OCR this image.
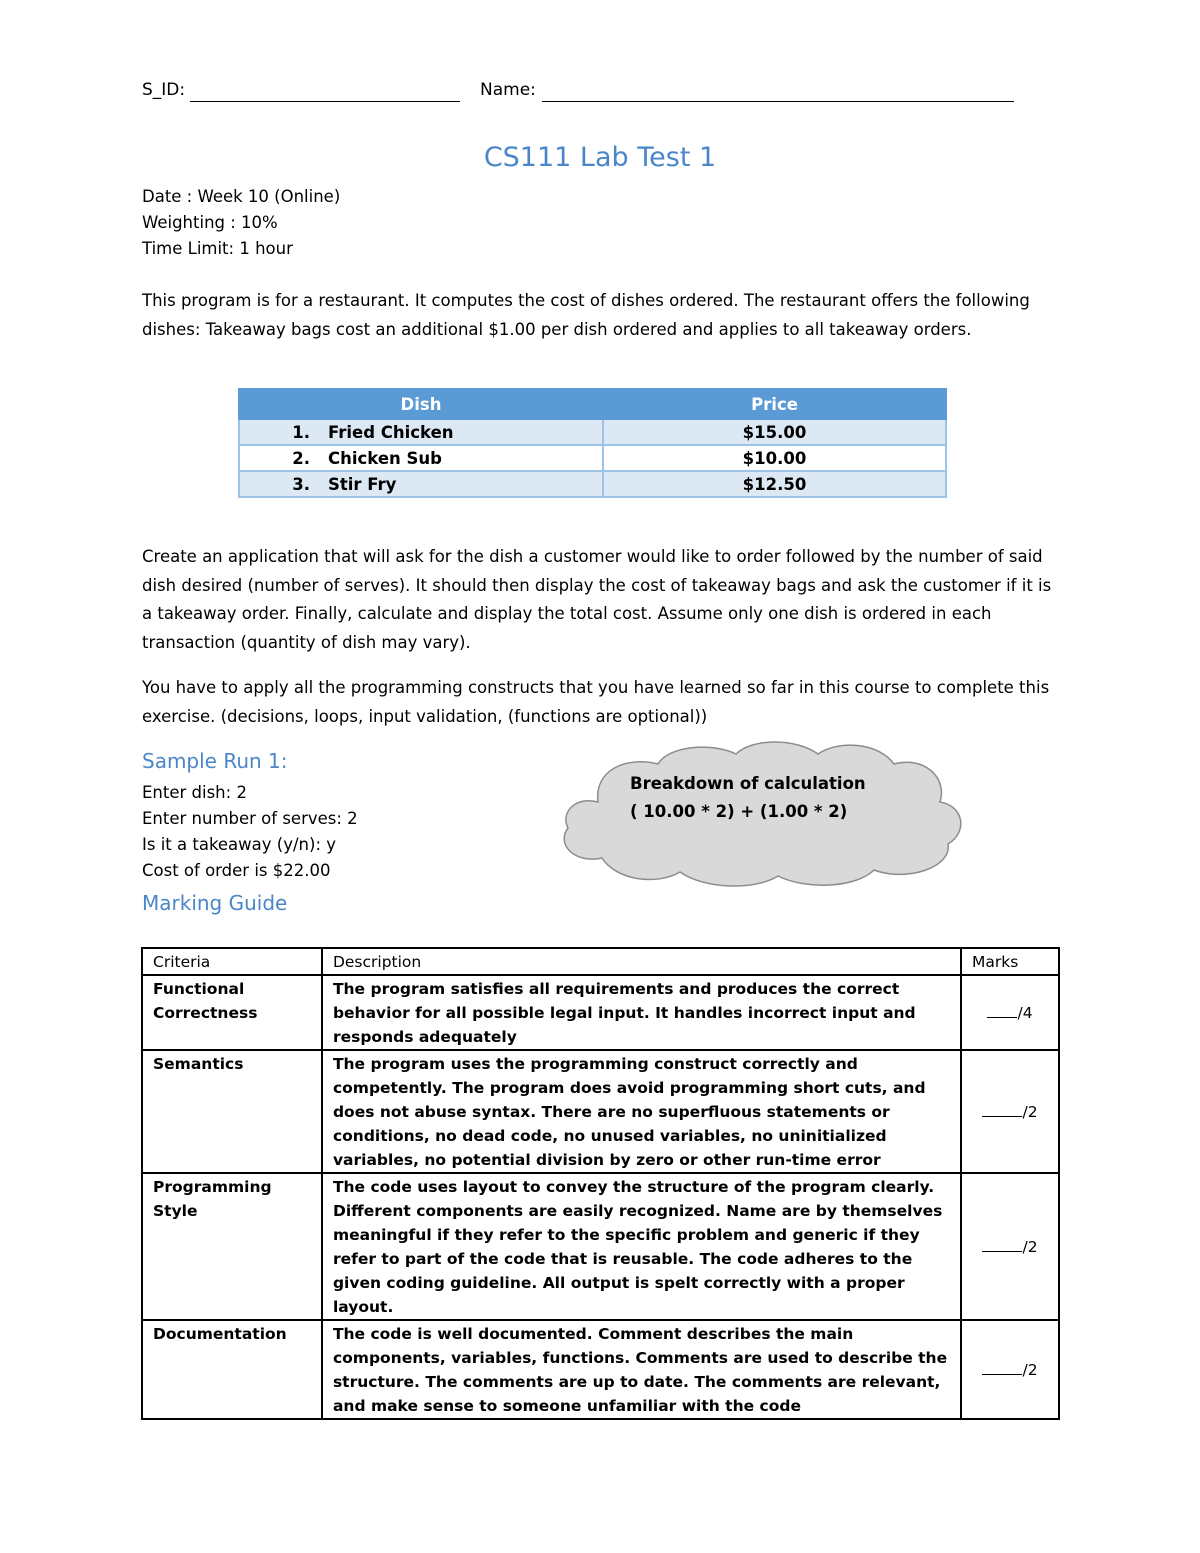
S_ID:	Name:
CS111 Lab Test 1
Date : Week 10 (Online)
Weighting : 10%
Time Limit: 1 hour

This program is for a restaurant. It computes the cost of dishes ordered. The restaurant offers the following dishes: Takeaway bags cost an additional $1.00 per dish ordered and applies to all takeaway orders.

Dish	Price
1. Fried Chicken	$15.00
2. Chicken Sub	$10.00
3. Stir Fry	$12.50

Create an application that will ask for the dish a customer would like to order followed by the number of said dish desired (number of serves). It should then display the cost of takeaway bags and ask the customer if it is a takeaway order. Finally, calculate and display the total cost. Assume only one dish is ordered in each transaction (quantity of dish may vary).

You have to apply all the programming constructs that you have learned so far in this course to complete this exercise. (decisions, loops, input validation, (functions are optional))

Sample Run 1:
Enter dish: 2
Enter number of serves: 2
Is it a takeaway (y/n): y
Cost of order is $22.00
Breakdown of calculation
( 10.00 * 2) + (1.00 * 2)
Marking Guide
Criteria	Description	Marks
Functional Correctness	The program satisfies all requirements and produces the correct behavior for all possible legal input. It handles incorrect input and responds adequately	/4
Semantics	The program uses the programming construct correctly and competently. The program does avoid programming short cuts, and does not abuse syntax. There are no superfluous statements or conditions, no dead code, no unused variables, no uninitialized variables, no potential division by zero or other run-time error	/2
Programming Style	The code uses layout to convey the structure of the program clearly. Different components are easily recognized. Name are by themselves meaningful if they refer to the specific problem and generic if they refer to part of the code that is reusable. The code adheres to the given coding guideline. All output is spelt correctly with a proper layout.	/2
Documentation	The code is well documented. Comment describes the main components, variables, functions. Comments are used to describe the structure. The comments are up to date. The comments are relevant, and make sense to someone unfamiliar with the code	/2
